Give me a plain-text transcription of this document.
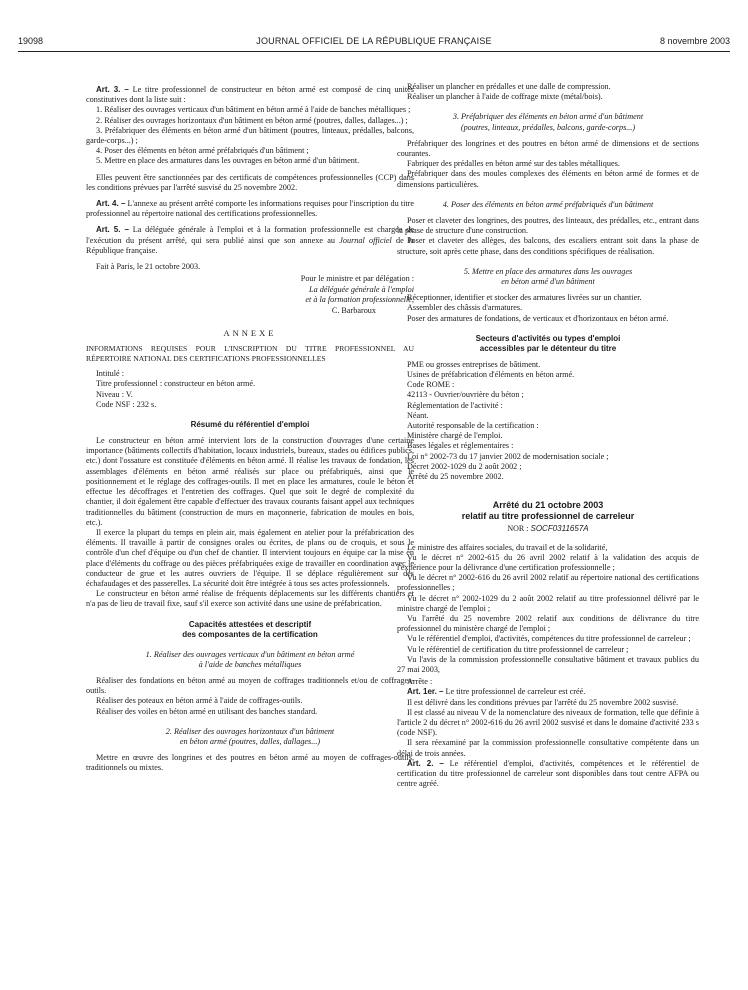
19098	JOURNAL OFFICIEL DE LA RÉPUBLIQUE FRANÇAISE	8 novembre 2003

Art. 3. – Le titre professionnel de constructeur en béton armé est composé de cinq unités constitutives dont la liste suit :

1. Réaliser des ouvrages verticaux d'un bâtiment en béton armé à l'aide de banches métalliques ;

2. Réaliser des ouvrages horizontaux d'un bâtiment en béton armé (poutres, dalles, dallages...) ;

3. Préfabriquer des éléments en béton armé d'un bâtiment (poutres, linteaux, prédalles, balcons, garde-corps...) ;

4. Poser des éléments en béton armé préfabriqués d'un bâtiment ;

5. Mettre en place des armatures dans les ouvrages en béton armé d'un bâtiment.

Elles peuvent être sanctionnées par des certificats de compétences professionnelles (CCP) dans les conditions prévues par l'arrêté susvisé du 25 novembre 2002.

Art. 4. – L'annexe au présent arrêté comporte les informations requises pour l'inscription du titre professionnel au répertoire national des certifications professionnelles.

Art. 5. – La déléguée générale à l'emploi et à la formation professionnelle est chargée de l'exécution du présent arrêté, qui sera publié ainsi que son annexe au Journal officiel de la République française.

Fait à Paris, le 21 octobre 2003.

Pour le ministre et par délégation :
La déléguée générale à l'emploi
et à la formation professionnelle,
C. Barbaroux
ANNEXE
INFORMATIONS REQUISES POUR L'INSCRIPTION DU TITRE PROFESSIONNEL AU RÉPERTOIRE NATIONAL DES CERTIFICATIONS PROFESSIONNELLES

Intitulé :

Titre professionnel : constructeur en béton armé.

Niveau : V.

Code NSF : 232 s.

Résumé du référentiel d'emploi

Le constructeur en béton armé intervient lors de la construction d'ouvrages d'une certaine importance (bâtiments collectifs d'habitation, locaux industriels, bureaux, stades ou édifices publics, etc.) dont l'ossature est constituée d'éléments en béton armé. Il réalise les travaux de fondation, les assemblages d'éléments en béton armé réalisés sur place ou préfabriqués, ainsi que le positionnement et le réglage des coffrages-outils. Il met en place les armatures, coule le béton et effectue les décoffrages et l'entretien des coffrages. Quel que soit le degré de complexité du chantier, il doit également être capable d'effectuer des travaux courants faisant appel aux techniques traditionnelles du bâtiment (construction de murs en maçonnerie, fabrication de moules en bois, etc.).

Il exerce la plupart du temps en plein air, mais également en atelier pour la préfabrication des éléments. Il travaille à partir de consignes orales ou écrites, de plans ou de croquis, et sous le contrôle d'un chef d'équipe ou d'un chef de chantier. Il intervient toujours en équipe car la mise en place d'éléments du coffrage ou des pièces préfabriquées exige de travailler en coordination avec le conducteur de grue et les autres ouvriers de l'équipe. Il se déplace régulièrement sur des échafaudages et des passerelles. La sécurité doit être intégrée à tous ses actes professionnels.

Le constructeur en béton armé réalise de fréquents déplacements sur les différents chantiers et n'a pas de lieu de travail fixe, sauf s'il exerce son activité dans une usine de préfabrication.

Capacités attestées et descriptif
des composantes de la certification
1. Réaliser des ouvrages verticaux d'un bâtiment en béton armé
à l'aide de banches métalliques

Réaliser des fondations en béton armé au moyen de coffrages traditionnels et/ou de coffrages-outils.

Réaliser des poteaux en béton armé à l'aide de coffrages-outils.

Réaliser des voiles en béton armé en utilisant des banches standard.

2. Réaliser des ouvrages horizontaux d'un bâtiment
en béton armé (poutres, dalles, dallages...)

Mettre en œuvre des longrines et des poutres en béton armé au moyen de coffrages-outils, traditionnels ou mixtes.

Réaliser un plancher en prédalles et une dalle de compression.

Réaliser un plancher à l'aide de coffrage mixte (métal/bois).

3. Préfabriquer des éléments en béton armé d'un bâtiment
(poutres, linteaux, prédalles, balcons, garde-corps...)

Préfabriquer des longrines et des poutres en béton armé de dimensions et de sections courantes.

Fabriquer des prédalles en béton armé sur des tables métalliques.

Préfabriquer dans des moules complexes des éléments en béton armé de formes et de dimensions particulières.

4. Poser des éléments en béton armé préfabriqués d'un bâtiment

Poser et claveter des longrines, des poutres, des linteaux, des prédalles, etc., entrant dans la phase de structure d'une construction.

Poser et claveter des allèges, des balcons, des escaliers entrant soit dans la phase de structure, soit après cette phase, dans des conditions spécifiques de réalisation.

5. Mettre en place des armatures dans les ouvrages
en béton armé d'un bâtiment

Réceptionner, identifier et stocker des armatures livrées sur un chantier.

Assembler des châssis d'armatures.

Poser des armatures de fondations, de verticaux et d'horizontaux en béton armé.

Secteurs d'activités ou types d'emploi
accessibles par le détenteur du titre

PME ou grosses entreprises de bâtiment.

Usines de préfabrication d'éléments en béton armé.

Code ROME :

42113 - Ouvrier/ouvrière du béton ;

Réglementation de l'activité :

Néant.

Autorité responsable de la certification :

Ministère chargé de l'emploi.

Bases légales et réglementaires :

Loi n° 2002-73 du 17 janvier 2002 de modernisation sociale ;

Décret 2002-1029 du 2 août 2002 ;

Arrêté du 25 novembre 2002.

Arrêté du 21 octobre 2003
relatif au titre professionnel de carreleur
NOR : SOCF0311657A

Le ministre des affaires sociales, du travail et de la solidarité,

Vu le décret n° 2002-615 du 26 avril 2002 relatif à la validation des acquis de l'expérience pour la délivrance d'une certification professionnelle ;

Vu le décret n° 2002-616 du 26 avril 2002 relatif au répertoire national des certifications professionnelles ;

Vu le décret n° 2002-1029 du 2 août 2002 relatif au titre professionnel délivré par le ministre chargé de l'emploi ;

Vu l'arrêté du 25 novembre 2002 relatif aux conditions de délivrance du titre professionnel du ministère chargé de l'emploi ;

Vu le référentiel d'emploi, d'activités, compétences du titre professionnel de carreleur ;

Vu le référentiel de certification du titre professionnel de carreleur ;

Vu l'avis de la commission professionnelle consultative bâtiment et travaux publics du 27 mai 2003,

Arrête :

Art. 1er. – Le titre professionnel de carreleur est créé.

Il est délivré dans les conditions prévues par l'arrêté du 25 novembre 2002 susvisé.

Il est classé au niveau V de la nomenclature des niveaux de formation, telle que définie à l'article 2 du décret n° 2002-616 du 26 avril 2002 susvisé et dans le domaine d'activité 233 s (code NSF).

Il sera réexaminé par la commission professionnelle consultative compétente dans un délai de trois années.

Art. 2. – Le référentiel d'emploi, d'activités, compétences et le référentiel de certification du titre professionnel de carreleur sont disponibles dans tout centre AFPA ou centre agréé.
